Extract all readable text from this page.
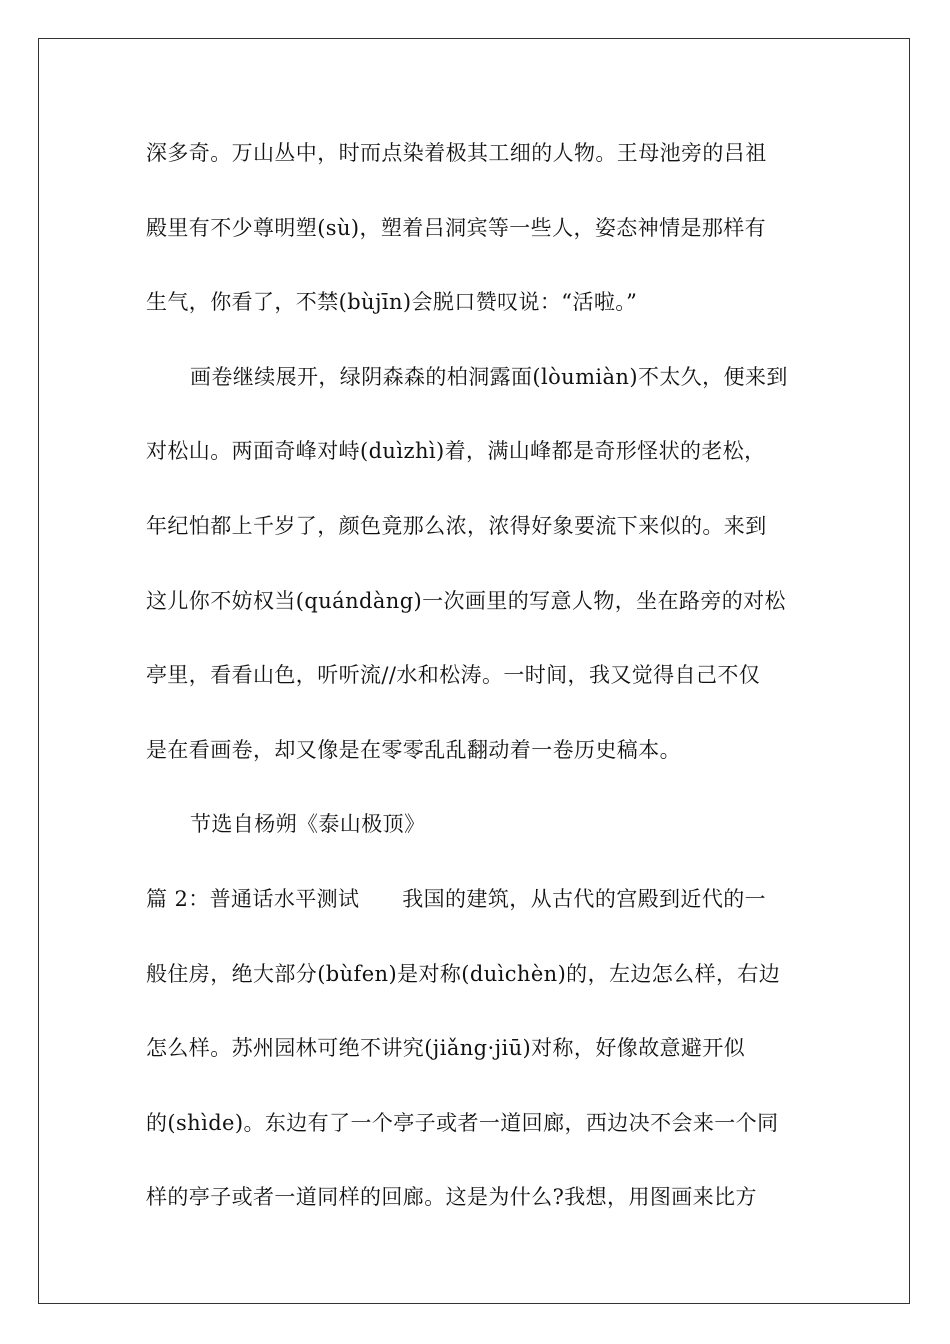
深多奇。万山丛中，时而点染着极其工细的人物。王母池旁的吕祖
殿里有不少尊明塑(sù)，塑着吕洞宾等一些人，姿态神情是那样有
生气，你看了，不禁(bùjīn)会脱口赞叹说：“活啦。”
画卷继续展开，绿阴森森的柏洞露面(lòumiàn)不太久，便来到
对松山。两面奇峰对峙(duìzhì)着，满山峰都是奇形怪状的老松，
年纪怕都上千岁了，颜色竟那么浓，浓得好象要流下来似的。来到
这儿你不妨权当(quándàng)一次画里的写意人物，坐在路旁的对松
亭里，看看山色，听听流//水和松涛。一时间，我又觉得自己不仅
是在看画卷，却又像是在零零乱乱翻动着一卷历史稿本。
节选自杨朔《泰山极顶》
篇 2：普通话水平测试　　我国的建筑，从古代的宫殿到近代的一
般住房，绝大部分(bùfen)是对称(duìchèn)的，左边怎么样，右边
怎么样。苏州园林可绝不讲究(jiǎng·jiū)对称，好像故意避开似
的(shìde)。东边有了一个亭子或者一道回廊，西边决不会来一个同
样的亭子或者一道同样的回廊。这是为什么?我想，用图画来比方
